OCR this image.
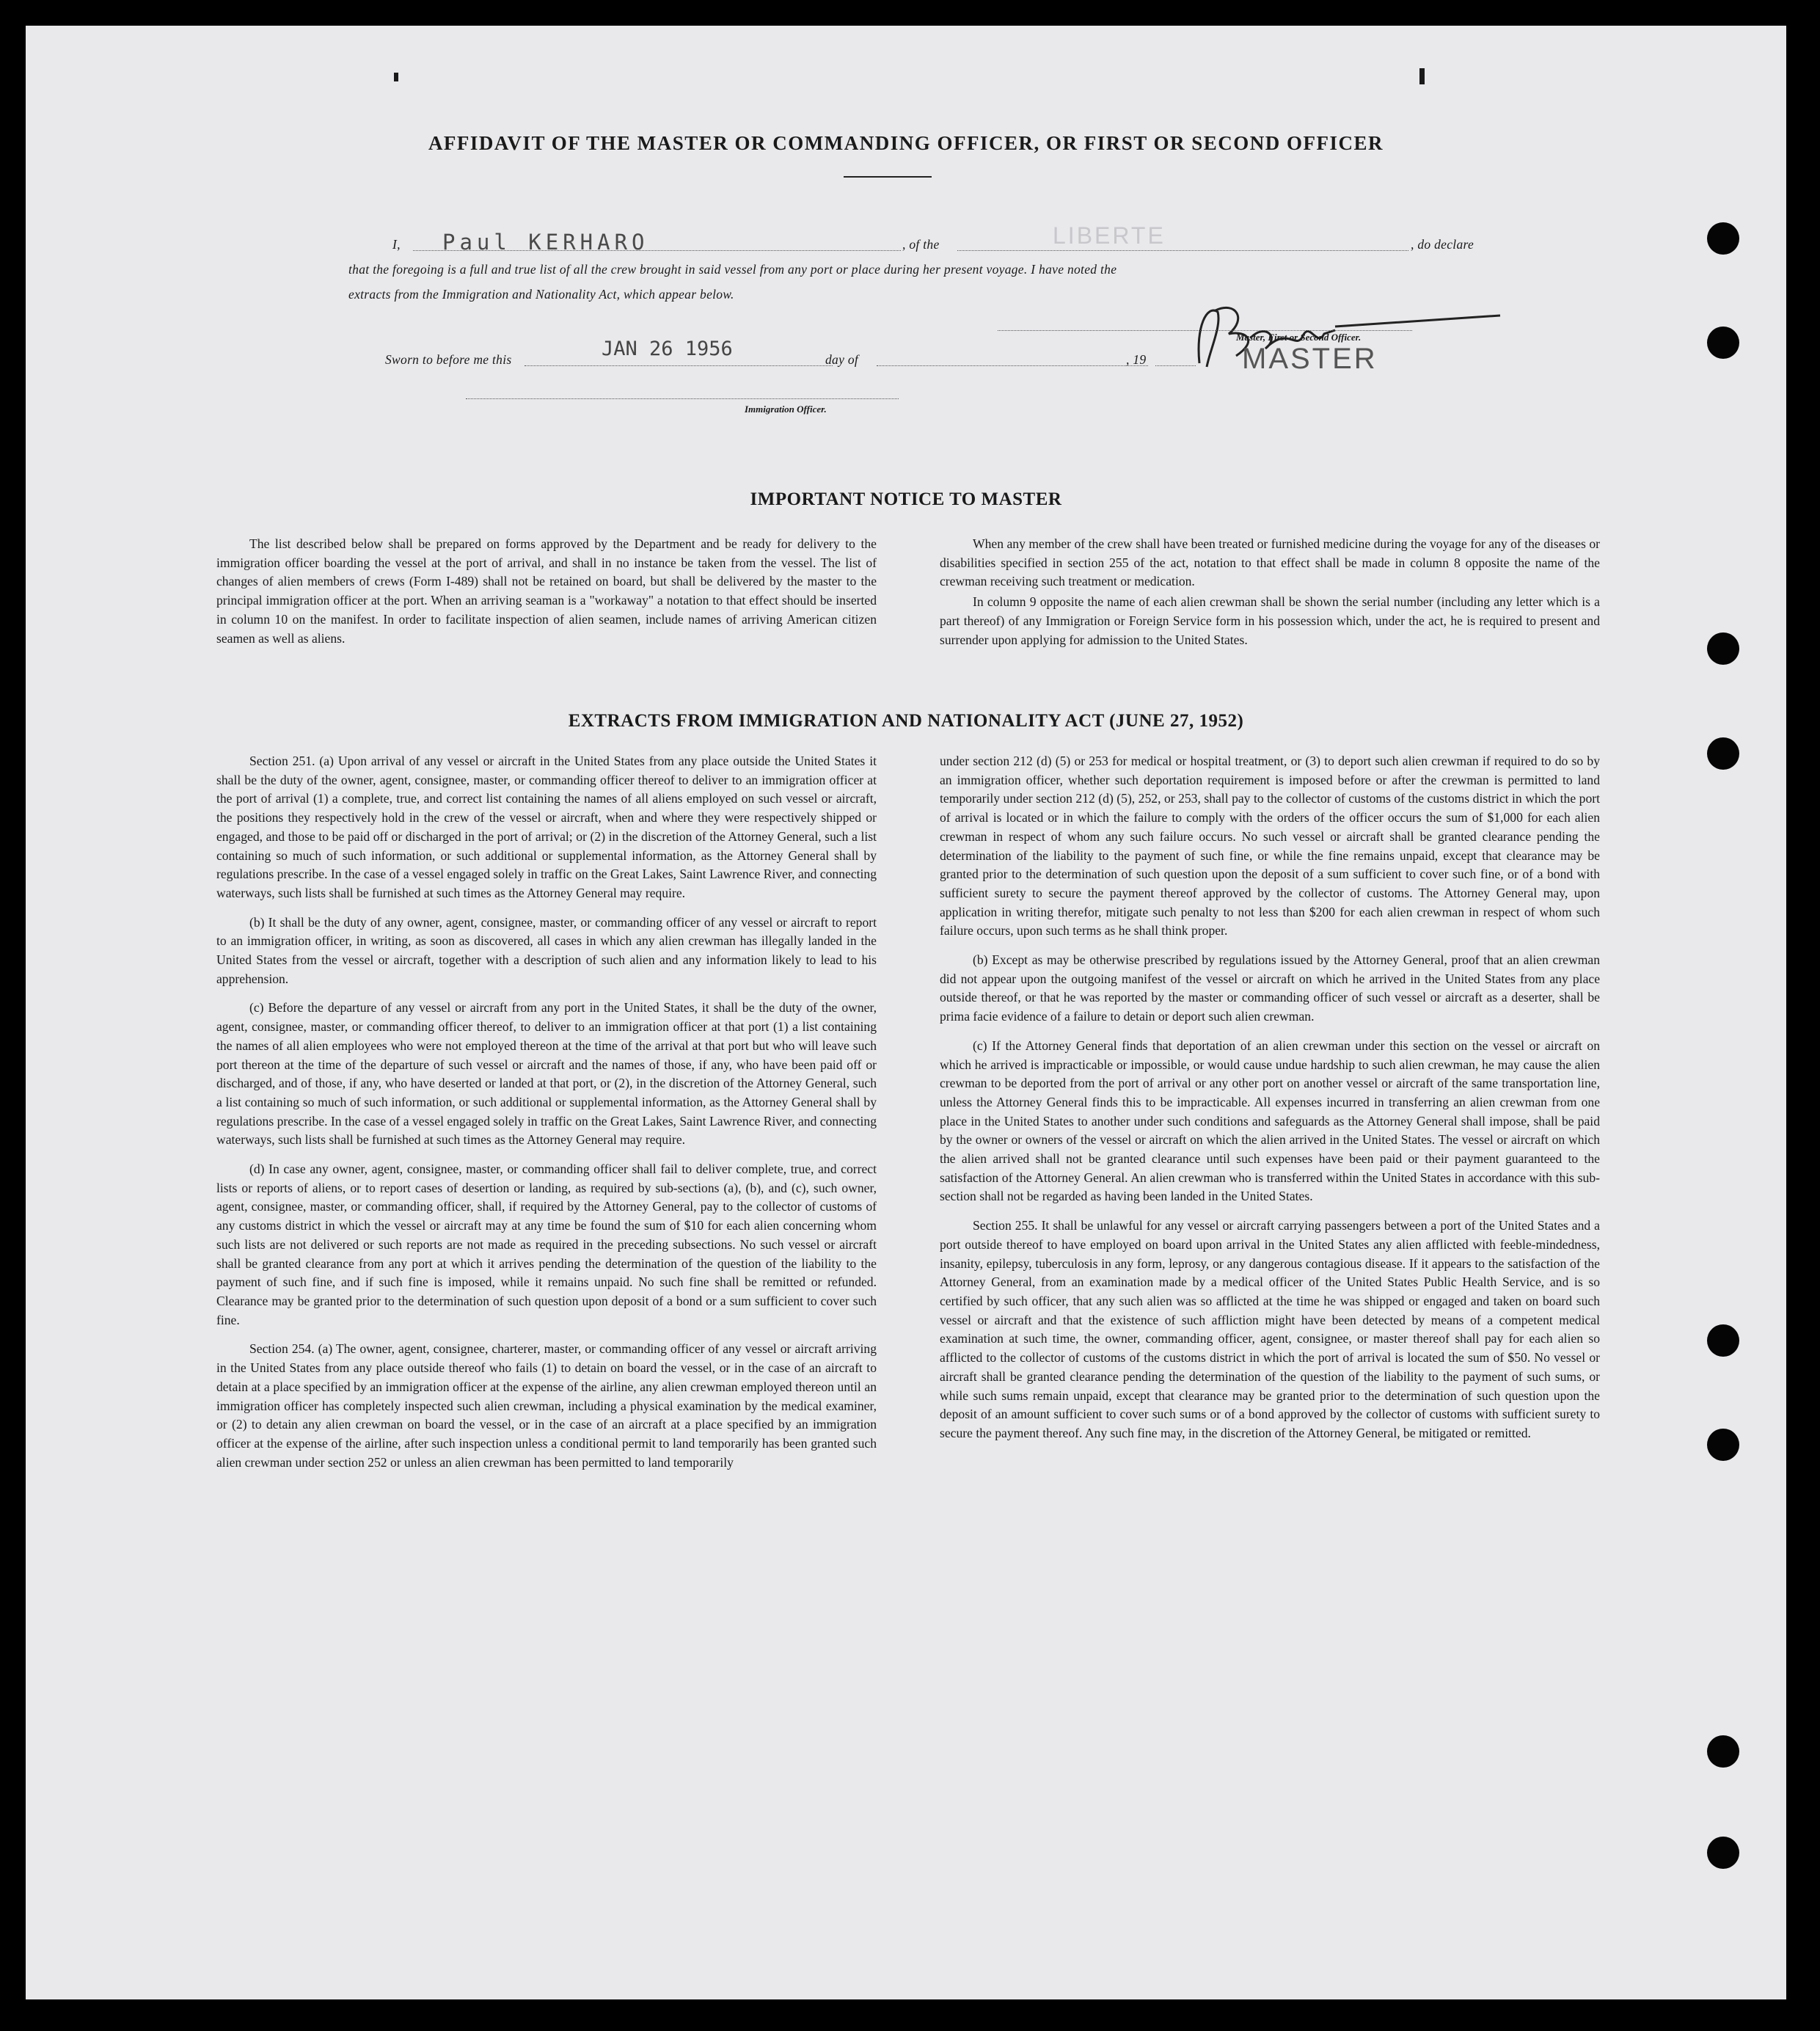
AFFIDAVIT OF THE MASTER OR COMMANDING OFFICER, OR FIRST OR SECOND OFFICER
I, Paul KERHARO	, of the	LIBERTE	, do declare
that the foregoing is a full and true list of all the crew brought in said vessel from any port or place during her present voyage. I have noted the
extracts from the Immigration and Nationality Act, which appear below.
Master, First or Second Officer.
MASTER
Sworn to before me this	JAN 26 1956	day of	, 19
Immigration Officer.
IMPORTANT NOTICE TO MASTER

The list described below shall be prepared on forms approved by the Department and be ready for delivery to the immigration officer boarding the vessel at the port of arrival, and shall in no instance be taken from the vessel. The list of changes of alien members of crews (Form I-489) shall not be retained on board, but shall be delivered by the master to the principal immigration officer at the port. When an arriving seaman is a "workaway" a notation to that effect should be inserted in column 10 on the manifest. In order to facilitate inspection of alien seamen, include names of arriving American citizen seamen as well as aliens.

When any member of the crew shall have been treated or furnished medicine during the voyage for any of the diseases or disabilities specified in section 255 of the act, notation to that effect shall be made in column 8 opposite the name of the crewman receiving such treatment or medication.

In column 9 opposite the name of each alien crewman shall be shown the serial number (including any letter which is a part thereof) of any Immigration or Foreign Service form in his possession which, under the act, he is required to present and surrender upon applying for admission to the United States.

EXTRACTS FROM IMMIGRATION AND NATIONALITY ACT (JUNE 27, 1952)

Section 251. (a) Upon arrival of any vessel or aircraft in the United States from any place outside the United States it shall be the duty of the owner, agent, consignee, master, or commanding officer thereof to deliver to an immigration officer at the port of arrival (1) a complete, true, and correct list containing the names of all aliens employed on such vessel or aircraft, the positions they respectively hold in the crew of the vessel or aircraft, when and where they were respectively shipped or engaged, and those to be paid off or discharged in the port of arrival; or (2) in the discretion of the Attorney General, such a list containing so much of such information, or such additional or supplemental information, as the Attorney General shall by regulations prescribe. In the case of a vessel engaged solely in traffic on the Great Lakes, Saint Lawrence River, and connecting waterways, such lists shall be furnished at such times as the Attorney General may require.

(b) It shall be the duty of any owner, agent, consignee, master, or commanding officer of any vessel or aircraft to report to an immigration officer, in writing, as soon as discovered, all cases in which any alien crewman has illegally landed in the United States from the vessel or aircraft, together with a description of such alien and any information likely to lead to his apprehension.

(c) Before the departure of any vessel or aircraft from any port in the United States, it shall be the duty of the owner, agent, consignee, master, or commanding officer thereof, to deliver to an immigration officer at that port (1) a list containing the names of all alien employees who were not employed thereon at the time of the arrival at that port but who will leave such port thereon at the time of the departure of such vessel or aircraft and the names of those, if any, who have been paid off or discharged, and of those, if any, who have deserted or landed at that port, or (2), in the discretion of the Attorney General, such a list containing so much of such information, or such additional or supplemental information, as the Attorney General shall by regulations prescribe. In the case of a vessel engaged solely in traffic on the Great Lakes, Saint Lawrence River, and connecting waterways, such lists shall be furnished at such times as the Attorney General may require.

(d) In case any owner, agent, consignee, master, or commanding officer shall fail to deliver complete, true, and correct lists or reports of aliens, or to report cases of desertion or landing, as required by sub-sections (a), (b), and (c), such owner, agent, consignee, master, or commanding officer, shall, if required by the Attorney General, pay to the collector of customs of any customs district in which the vessel or aircraft may at any time be found the sum of $10 for each alien concerning whom such lists are not delivered or such reports are not made as required in the preceding subsections. No such vessel or aircraft shall be granted clearance from any port at which it arrives pending the determination of the question of the liability to the payment of such fine, and if such fine is imposed, while it remains unpaid. No such fine shall be remitted or refunded. Clearance may be granted prior to the determination of such question upon deposit of a bond or a sum sufficient to cover such fine.

Section 254. (a) The owner, agent, consignee, charterer, master, or commanding officer of any vessel or aircraft arriving in the United States from any place outside thereof who fails (1) to detain on board the vessel, or in the case of an aircraft to detain at a place specified by an immigration officer at the expense of the airline, any alien crewman employed thereon until an immigration officer has completely inspected such alien crewman, including a physical examination by the medical examiner, or (2) to detain any alien crewman on board the vessel, or in the case of an aircraft at a place specified by an immigration officer at the expense of the airline, after such inspection unless a conditional permit to land temporarily has been granted such alien crewman under section 252 or unless an alien crewman has been permitted to land temporarily

under section 212 (d) (5) or 253 for medical or hospital treatment, or (3) to deport such alien crewman if required to do so by an immigration officer, whether such deportation requirement is imposed before or after the crewman is permitted to land temporarily under section 212 (d) (5), 252, or 253, shall pay to the collector of customs of the customs district in which the port of arrival is located or in which the failure to comply with the orders of the officer occurs the sum of $1,000 for each alien crewman in respect of whom any such failure occurs. No such vessel or aircraft shall be granted clearance pending the determination of the liability to the payment of such fine, or while the fine remains unpaid, except that clearance may be granted prior to the determination of such question upon the deposit of a sum sufficient to cover such fine, or of a bond with sufficient surety to secure the payment thereof approved by the collector of customs. The Attorney General may, upon application in writing therefor, mitigate such penalty to not less than $200 for each alien crewman in respect of whom such failure occurs, upon such terms as he shall think proper.

(b) Except as may be otherwise prescribed by regulations issued by the Attorney General, proof that an alien crewman did not appear upon the outgoing manifest of the vessel or aircraft on which he arrived in the United States from any place outside thereof, or that he was reported by the master or commanding officer of such vessel or aircraft as a deserter, shall be prima facie evidence of a failure to detain or deport such alien crewman.

(c) If the Attorney General finds that deportation of an alien crewman under this section on the vessel or aircraft on which he arrived is impracticable or impossible, or would cause undue hardship to such alien crewman, he may cause the alien crewman to be deported from the port of arrival or any other port on another vessel or aircraft of the same transportation line, unless the Attorney General finds this to be impracticable. All expenses incurred in transferring an alien crewman from one place in the United States to another under such conditions and safeguards as the Attorney General shall impose, shall be paid by the owner or owners of the vessel or aircraft on which the alien arrived in the United States. The vessel or aircraft on which the alien arrived shall not be granted clearance until such expenses have been paid or their payment guaranteed to the satisfaction of the Attorney General. An alien crewman who is transferred within the United States in accordance with this sub-section shall not be regarded as having been landed in the United States.

Section 255. It shall be unlawful for any vessel or aircraft carrying passengers between a port of the United States and a port outside thereof to have employed on board upon arrival in the United States any alien afflicted with feeble-mindedness, insanity, epilepsy, tuberculosis in any form, leprosy, or any dangerous contagious disease. If it appears to the satisfaction of the Attorney General, from an examination made by a medical officer of the United States Public Health Service, and is so certified by such officer, that any such alien was so afflicted at the time he was shipped or engaged and taken on board such vessel or aircraft and that the existence of such affliction might have been detected by means of a competent medical examination at such time, the owner, commanding officer, agent, consignee, or master thereof shall pay for each alien so afflicted to the collector of customs of the customs district in which the port of arrival is located the sum of $50. No vessel or aircraft shall be granted clearance pending the determination of the question of the liability to the payment of such sums, or while such sums remain unpaid, except that clearance may be granted prior to the determination of such question upon the deposit of an amount sufficient to cover such sums or of a bond approved by the collector of customs with sufficient surety to secure the payment thereof. Any such fine may, in the discretion of the Attorney General, be mitigated or remitted.
